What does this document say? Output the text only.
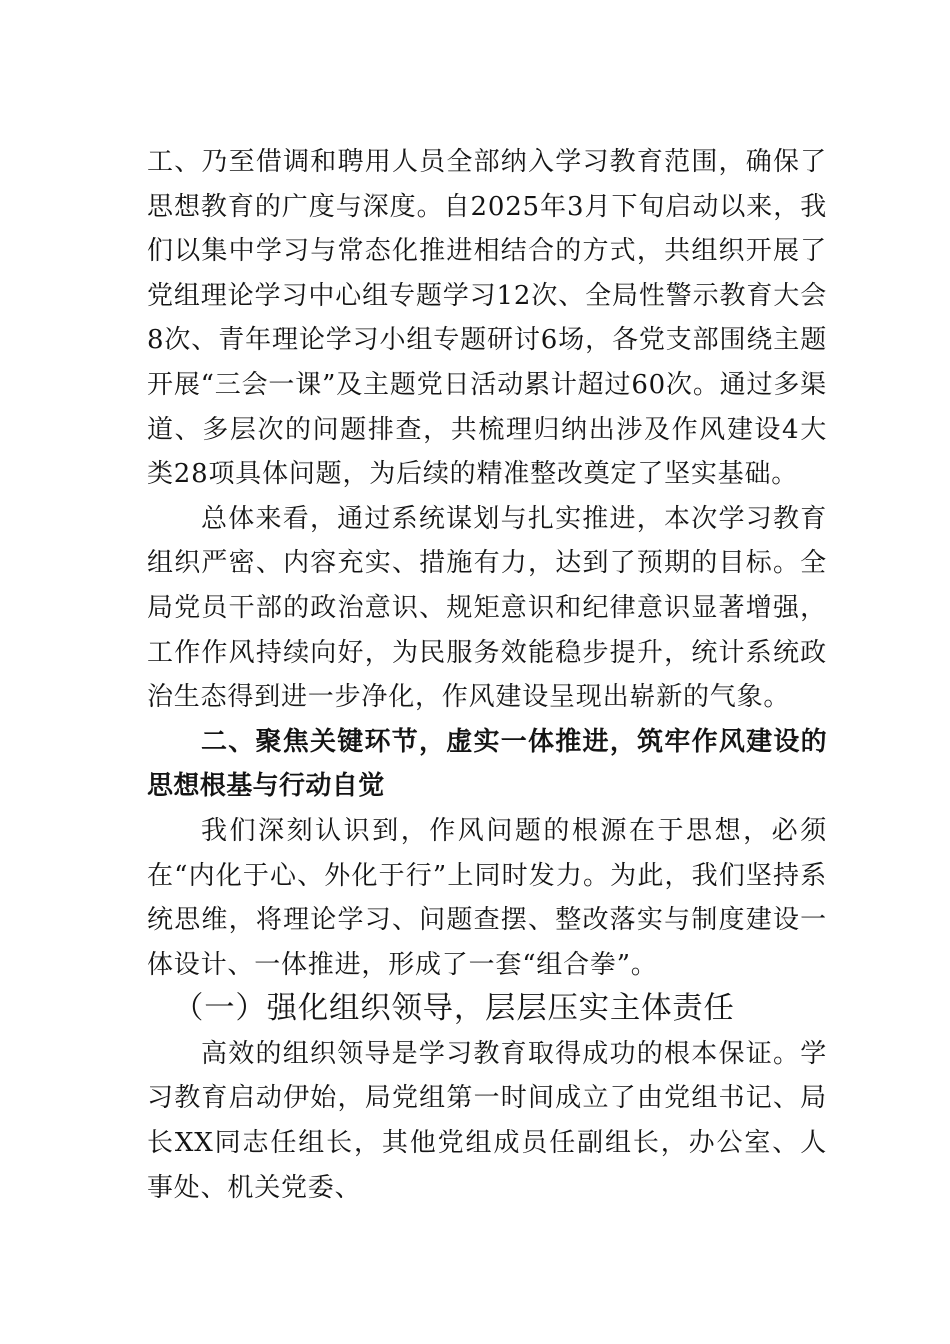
工、乃至借调和聘用人员全部纳入学习教育范围，确保了思想教育的广度与深度。自2025年3月下旬启动以来，我们以集中学习与常态化推进相结合的方式，共组织开展了党组理论学习中心组专题学习12次、全局性警示教育大会8次、青年理论学习小组专题研讨6场，各党支部围绕主题开展“三会一课”及主题党日活动累计超过60次。通过多渠道、多层次的问题排查，共梳理归纳出涉及作风建设4大类28项具体问题，为后续的精准整改奠定了坚实基础。

总体来看，通过系统谋划与扎实推进，本次学习教育组织严密、内容充实、措施有力，达到了预期的目标。全局党员干部的政治意识、规矩意识和纪律意识显著增强，工作作风持续向好，为民服务效能稳步提升，统计系统政治生态得到进一步净化，作风建设呈现出崭新的气象。

二、聚焦关键环节，虚实一体推进，筑牢作风建设的思想根基与行动自觉

我们深刻认识到，作风问题的根源在于思想，必须在“内化于心、外化于行”上同时发力。为此，我们坚持系统思维，将理论学习、问题查摆、整改落实与制度建设一体设计、一体推进，形成了一套“组合拳”。

（一）强化组织领导，层层压实主体责任

高效的组织领导是学习教育取得成功的根本保证。学习教育启动伊始，局党组第一时间成立了由党组书记、局长XX同志任组长，其他党组成员任副组长，办公室、人事处、机关党委、
